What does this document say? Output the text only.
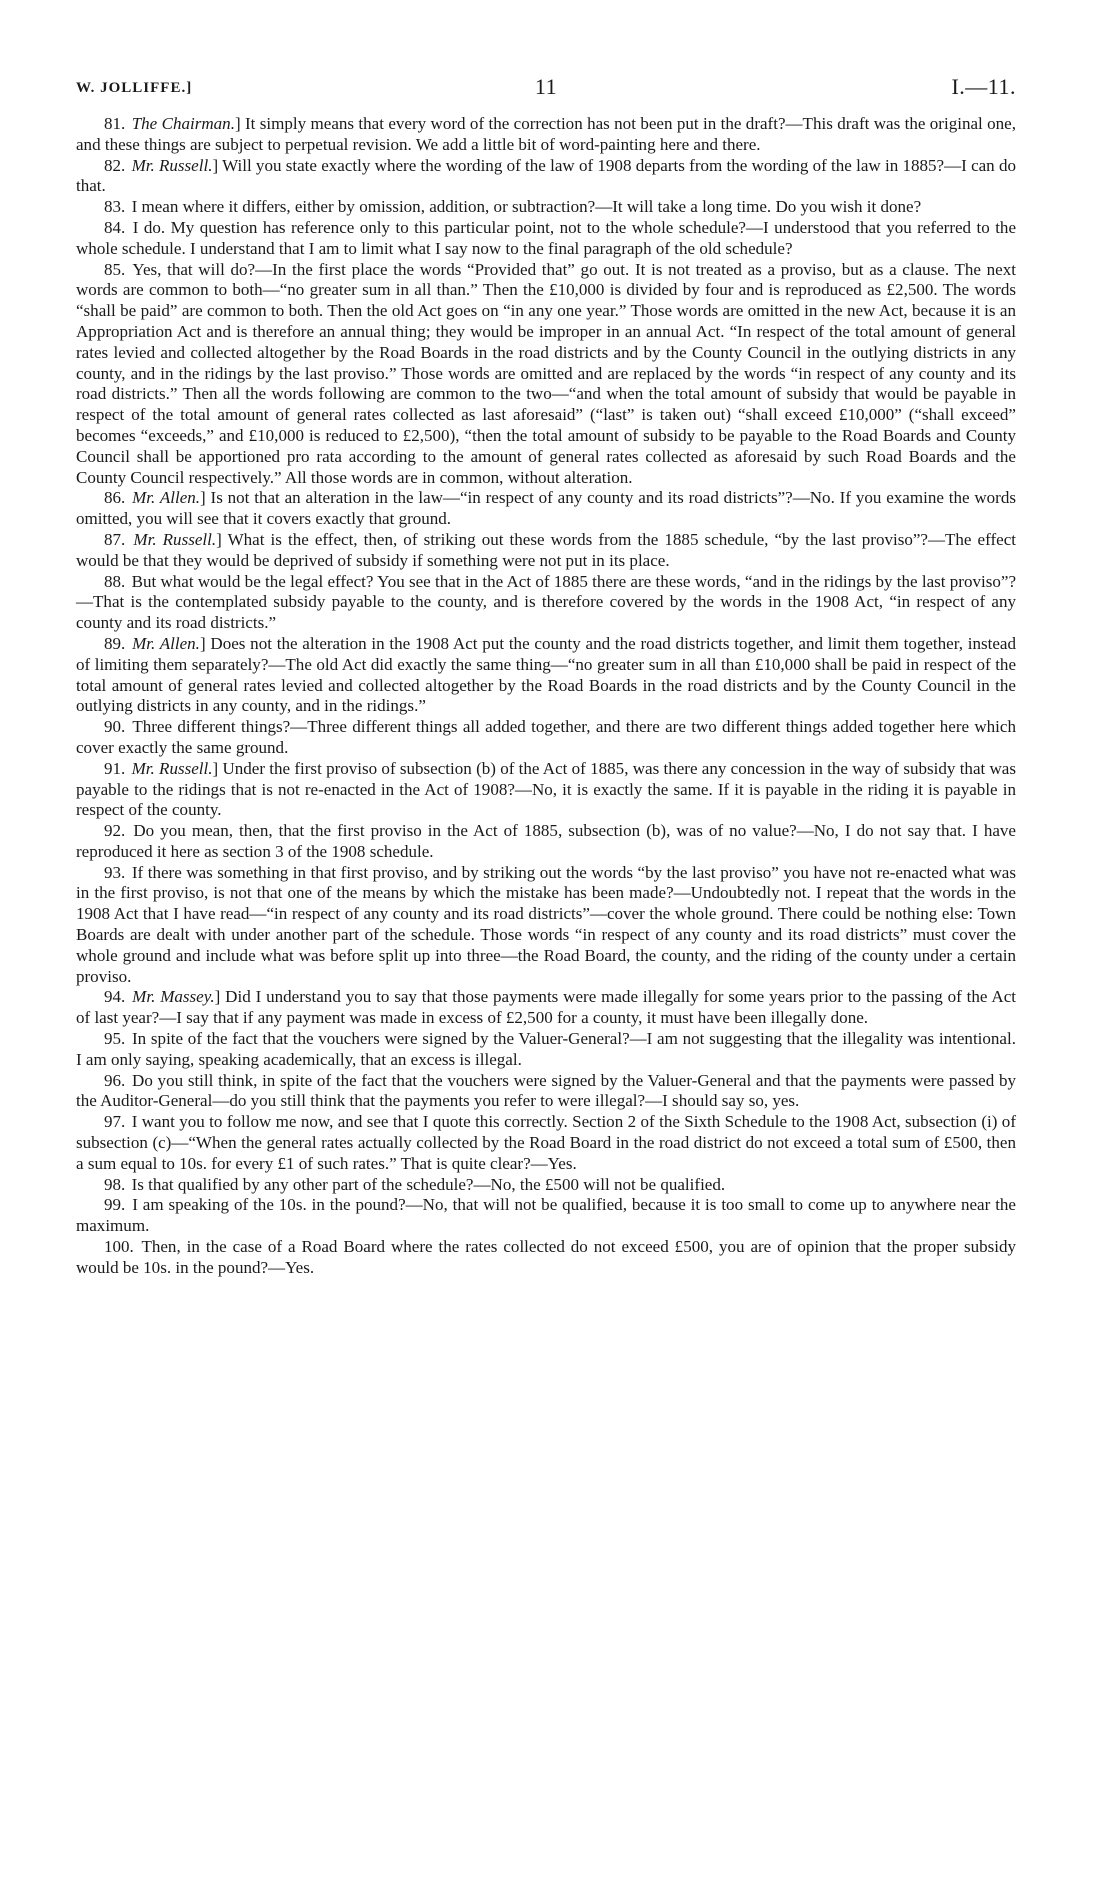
W. JOLLIFFE.]	11	I.—11.

81. The Chairman.] It simply means that every word of the correction has not been put in the draft?—This draft was the original one, and these things are subject to perpetual revision. We add a little bit of word-painting here and there.

82. Mr. Russell.] Will you state exactly where the wording of the law of 1908 departs from the wording of the law in 1885?—I can do that.

83. I mean where it differs, either by omission, addition, or subtraction?—It will take a long time. Do you wish it done?

84. I do. My question has reference only to this particular point, not to the whole schedule?—I understood that you referred to the whole schedule. I understand that I am to limit what I say now to the final paragraph of the old schedule?

85. Yes, that will do?—In the first place the words “Provided that” go out. It is not treated as a proviso, but as a clause. The next words are common to both—“no greater sum in all than.” Then the £10,000 is divided by four and is reproduced as £2,500. The words “shall be paid” are common to both. Then the old Act goes on “in any one year.” Those words are omitted in the new Act, because it is an Appropriation Act and is therefore an annual thing; they would be improper in an annual Act. “In respect of the total amount of general rates levied and collected altogether by the Road Boards in the road districts and by the County Council in the outlying districts in any county, and in the ridings by the last proviso.” Those words are omitted and are replaced by the words “in respect of any county and its road districts.” Then all the words following are common to the two—“and when the total amount of subsidy that would be payable in respect of the total amount of general rates collected as last aforesaid” (“last” is taken out) “shall exceed £10,000” (“shall exceed” becomes “exceeds,” and £10,000 is reduced to £2,500), “then the total amount of subsidy to be payable to the Road Boards and County Council shall be apportioned pro rata according to the amount of general rates collected as aforesaid by such Road Boards and the County Council respectively.” All those words are in common, without alteration.

86. Mr. Allen.] Is not that an alteration in the law—“in respect of any county and its road districts”?—No. If you examine the words omitted, you will see that it covers exactly that ground.

87. Mr. Russell.] What is the effect, then, of striking out these words from the 1885 schedule, “by the last proviso”?—The effect would be that they would be deprived of subsidy if something were not put in its place.

88. But what would be the legal effect? You see that in the Act of 1885 there are these words, “and in the ridings by the last proviso”?—That is the contemplated subsidy payable to the county, and is therefore covered by the words in the 1908 Act, “in respect of any county and its road districts.”

89. Mr. Allen.] Does not the alteration in the 1908 Act put the county and the road districts together, and limit them together, instead of limiting them separately?—The old Act did exactly the same thing—“no greater sum in all than £10,000 shall be paid in respect of the total amount of general rates levied and collected altogether by the Road Boards in the road districts and by the County Council in the outlying districts in any county, and in the ridings.”

90. Three different things?—Three different things all added together, and there are two different things added together here which cover exactly the same ground.

91. Mr. Russell.] Under the first proviso of subsection (b) of the Act of 1885, was there any concession in the way of subsidy that was payable to the ridings that is not re-enacted in the Act of 1908?—No, it is exactly the same. If it is payable in the riding it is payable in respect of the county.

92. Do you mean, then, that the first proviso in the Act of 1885, subsection (b), was of no value?—No, I do not say that. I have reproduced it here as section 3 of the 1908 schedule.

93. If there was something in that first proviso, and by striking out the words “by the last proviso” you have not re-enacted what was in the first proviso, is not that one of the means by which the mistake has been made?—Undoubtedly not. I repeat that the words in the 1908 Act that I have read—“in respect of any county and its road districts”—cover the whole ground. There could be nothing else: Town Boards are dealt with under another part of the schedule. Those words “in respect of any county and its road districts” must cover the whole ground and include what was before split up into three—the Road Board, the county, and the riding of the county under a certain proviso.

94. Mr. Massey.] Did I understand you to say that those payments were made illegally for some years prior to the passing of the Act of last year?—I say that if any payment was made in excess of £2,500 for a county, it must have been illegally done.

95. In spite of the fact that the vouchers were signed by the Valuer-General?—I am not suggesting that the illegality was intentional. I am only saying, speaking academically, that an excess is illegal.

96. Do you still think, in spite of the fact that the vouchers were signed by the Valuer-General and that the payments were passed by the Auditor-General—do you still think that the payments you refer to were illegal?—I should say so, yes.

97. I want you to follow me now, and see that I quote this correctly. Section 2 of the Sixth Schedule to the 1908 Act, subsection (i) of subsection (c)—“When the general rates actually collected by the Road Board in the road district do not exceed a total sum of £500, then a sum equal to 10s. for every £1 of such rates.” That is quite clear?—Yes.

98. Is that qualified by any other part of the schedule?—No, the £500 will not be qualified.

99. I am speaking of the 10s. in the pound?—No, that will not be qualified, because it is too small to come up to anywhere near the maximum.

100. Then, in the case of a Road Board where the rates collected do not exceed £500, you are of opinion that the proper subsidy would be 10s. in the pound?—Yes.
